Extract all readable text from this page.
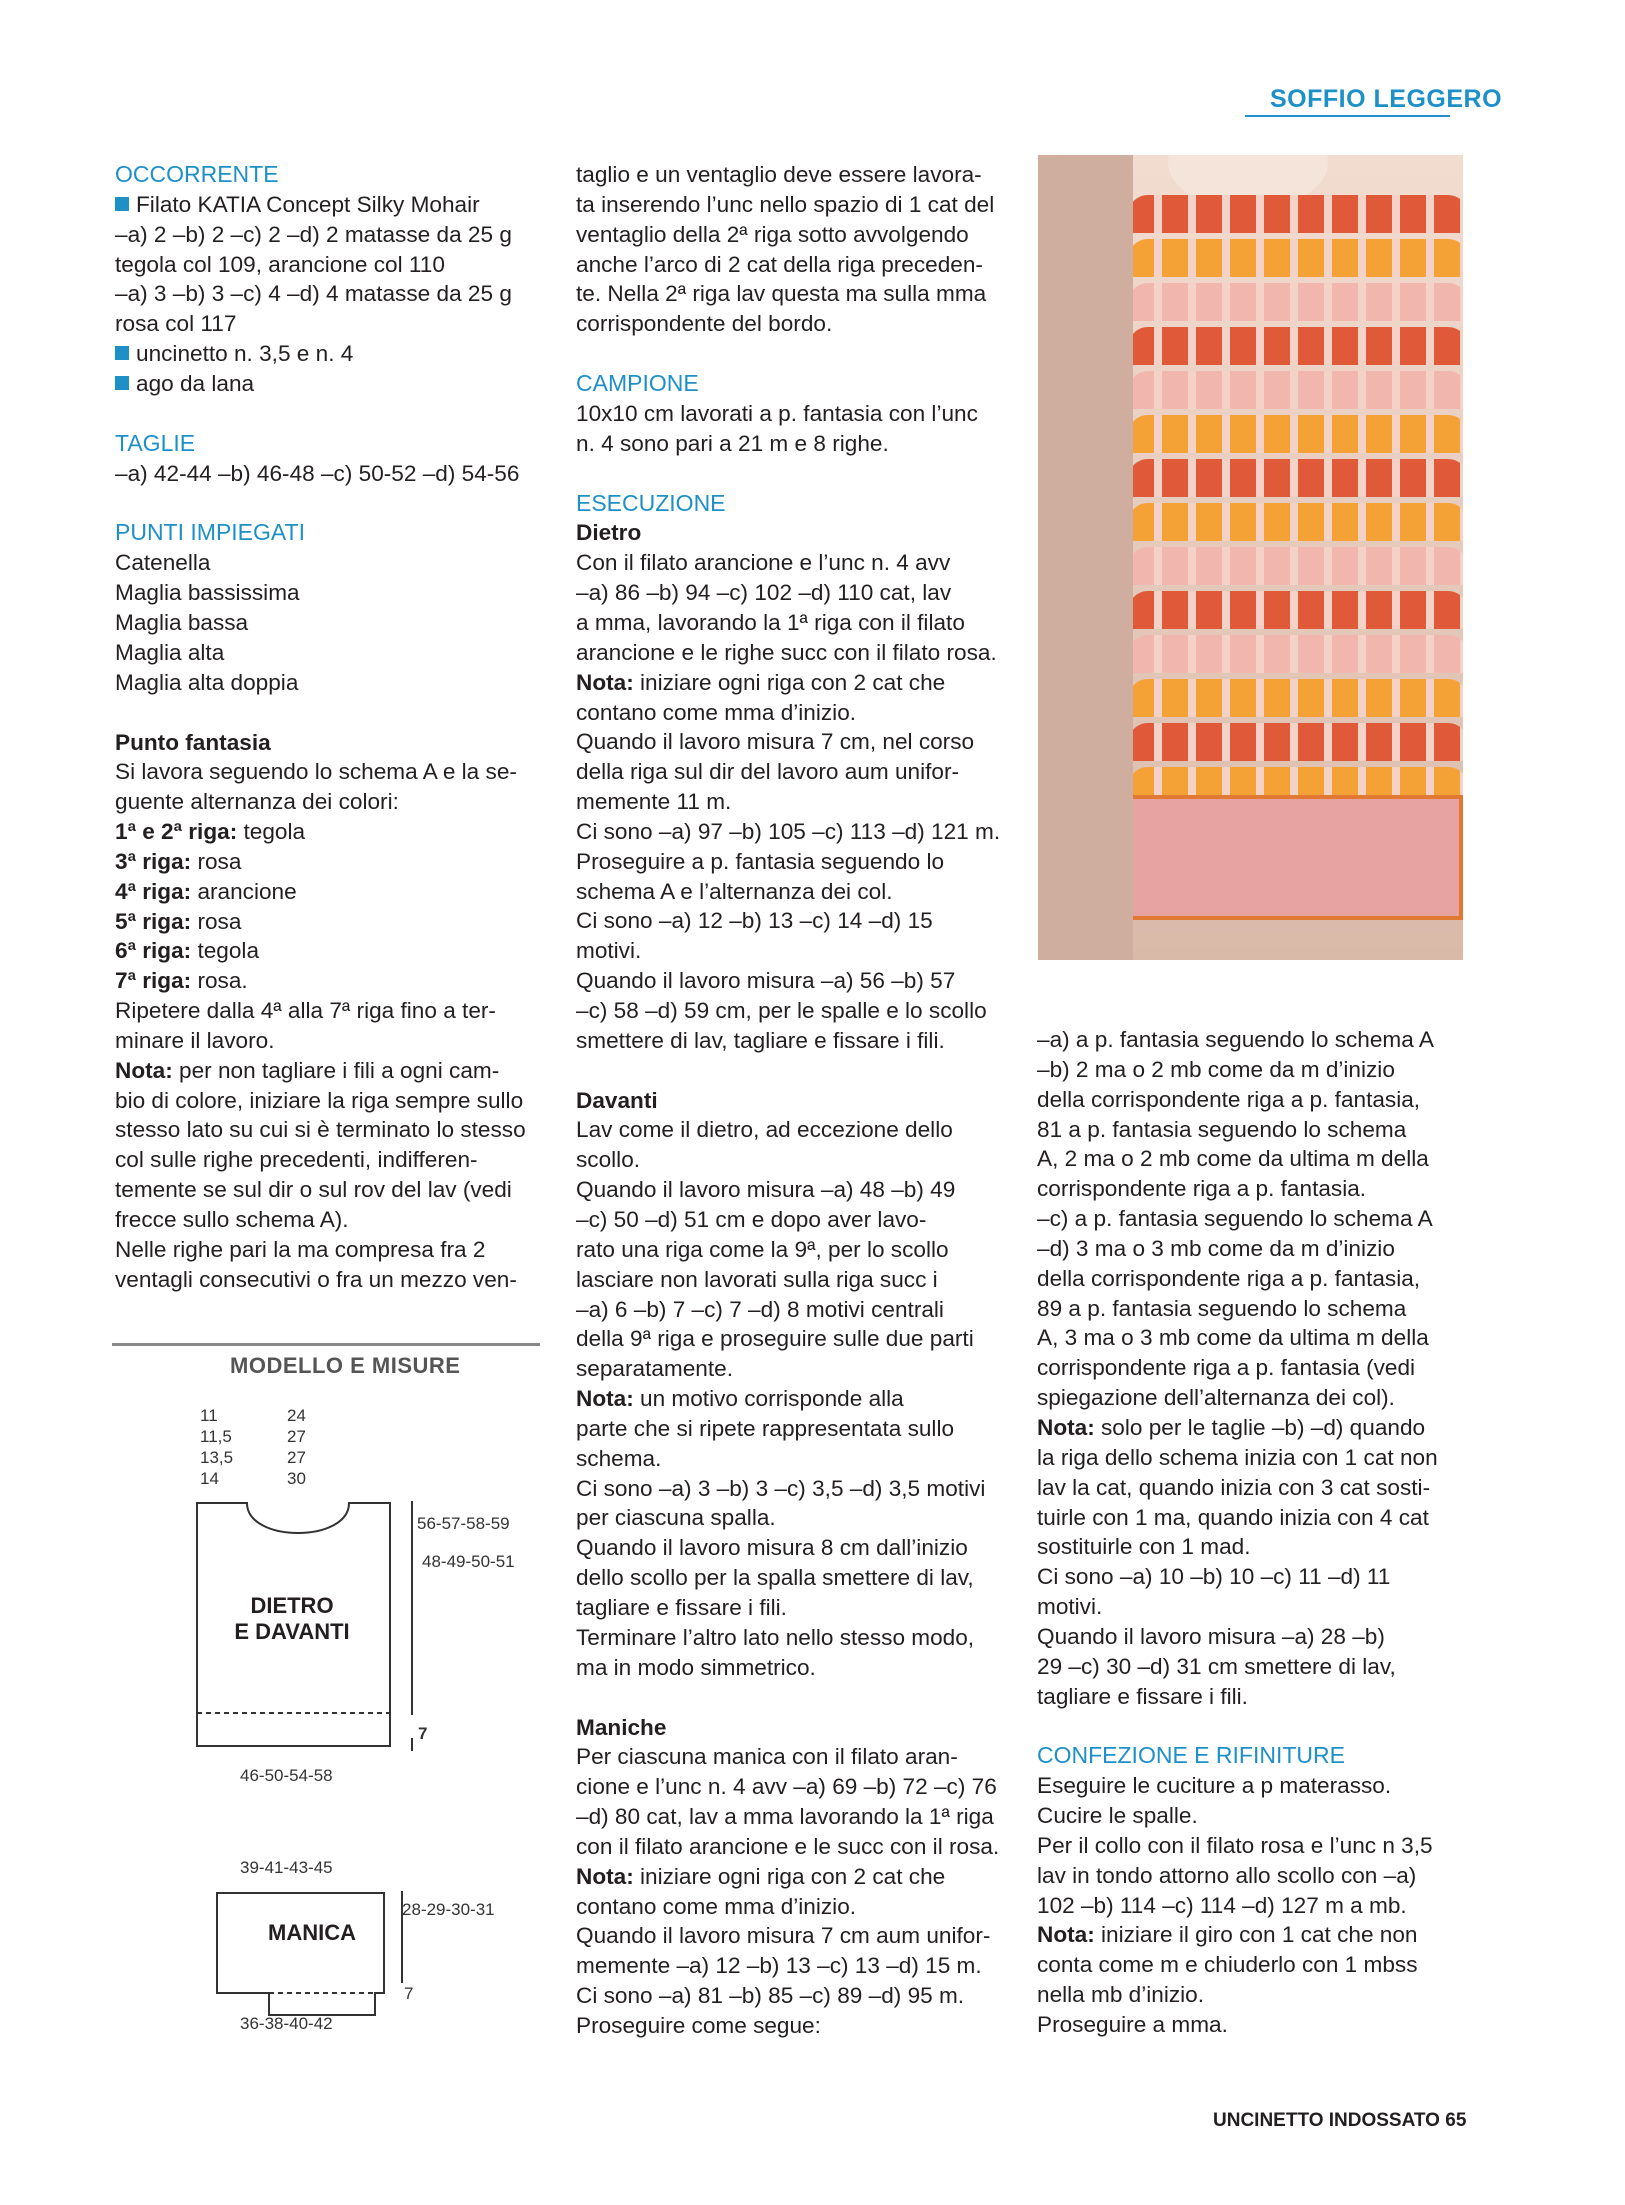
SOFFIO LEGGERO

OCCORRENTE

Filato KATIA Concept Silky Mohair

–a) 2 –b) 2 –c) 2 –d) 2 matasse da 25 g

tegola col 109, arancione col 110

–a) 3 –b) 3 –c) 4 –d) 4 matasse da 25 g

rosa col 117

uncinetto n. 3,5 e n. 4

ago da lana

TAGLIE

–a) 42-44 –b) 46-48 –c) 50-52 –d) 54-56

PUNTI IMPIEGATI

Catenella

Maglia bassissima

Maglia bassa

Maglia alta

Maglia alta doppia

Punto fantasia

Si lavora seguendo lo schema A e la se-

guente alternanza dei colori:

1ª e 2ª riga: tegola

3ª riga: rosa

4ª riga: arancione

5ª riga: rosa

6ª riga: tegola

7ª riga: rosa.

Ripetere dalla 4ª alla 7ª riga fino a ter-

minare il lavoro.

Nota: per non tagliare i fili a ogni cam-

bio di colore, iniziare la riga sempre sullo

stesso lato su cui si è terminato lo stesso

col sulle righe precedenti, indifferen-

temente se sul dir o sul rov del lav (vedi

frecce sullo schema A).

Nelle righe pari la ma compresa fra 2

ventagli consecutivi o fra un mezzo ven-

taglio e un ventaglio deve essere lavora-

ta inserendo l’unc nello spazio di 1 cat del

ventaglio della 2ª riga sotto avvolgendo

anche l’arco di 2 cat della riga preceden-

te. Nella 2ª riga lav questa ma sulla mma

corrispondente del bordo.

CAMPIONE

10x10 cm lavorati a p. fantasia con l’unc

n. 4 sono pari a 21 m e 8 righe.

ESECUZIONE

Dietro

Con il filato arancione e l’unc n. 4 avv

–a) 86 –b) 94 –c) 102 –d) 110 cat, lav

a mma, lavorando la 1ª riga con il filato

arancione e le righe succ con il filato rosa.

Nota: iniziare ogni riga con 2 cat che

contano come mma d’inizio.

Quando il lavoro misura 7 cm, nel corso

della riga sul dir del lavoro aum unifor-

memente 11 m.

Ci sono –a) 97 –b) 105 –c) 113 –d) 121 m.

Proseguire a p. fantasia seguendo lo

schema A e l’alternanza dei col.

Ci sono –a) 12 –b) 13 –c) 14 –d) 15

motivi.

Quando il lavoro misura –a) 56 –b) 57

–c) 58 –d) 59 cm, per le spalle e lo scollo

smettere di lav, tagliare e fissare i fili.

Davanti

Lav come il dietro, ad eccezione dello

scollo.

Quando il lavoro misura –a) 48 –b) 49

–c) 50 –d) 51 cm e dopo aver lavo-

rato una riga come la 9ª, per lo scollo

lasciare non lavorati sulla riga succ i

–a) 6 –b) 7 –c) 7 –d) 8 motivi centrali

della 9ª riga e proseguire sulle due parti

separatamente.

Nota: un motivo corrisponde alla

parte che si ripete rappresentata sullo

schema.

Ci sono –a) 3 –b) 3 –c) 3,5 –d) 3,5 motivi

per ciascuna spalla.

Quando il lavoro misura 8 cm dall’inizio

dello scollo per la spalla smettere di lav,

tagliare e fissare i fili.

Terminare l’altro lato nello stesso modo,

ma in modo simmetrico.

Maniche

Per ciascuna manica con il filato aran-

cione e l’unc n. 4 avv –a) 69 –b) 72 –c) 76

–d) 80 cat, lav a mma lavorando la 1ª riga

con il filato arancione e le succ con il rosa.

Nota: iniziare ogni riga con 2 cat che

contano come mma d’inizio.

Quando il lavoro misura 7 cm aum unifor-

memente –a) 12 –b) 13 –c) 13 –d) 15 m.

Ci sono –a) 81 –b) 85 –c) 89 –d) 95 m.

Proseguire come segue:

–a) a p. fantasia seguendo lo schema A

–b) 2 ma o 2 mb come da m d’inizio

della corrispondente riga a p. fantasia,

81 a p. fantasia seguendo lo schema

A, 2 ma o 2 mb come da ultima m della

corrispondente riga a p. fantasia.

–c) a p. fantasia seguendo lo schema A

–d) 3 ma o 3 mb come da m d’inizio

della corrispondente riga a p. fantasia,

89 a p. fantasia seguendo lo schema

A, 3 ma o 3 mb come da ultima m della

corrispondente riga a p. fantasia (vedi

spiegazione dell’alternanza dei col).

Nota: solo per le taglie –b) –d) quando

la riga dello schema inizia con 1 cat non

lav la cat, quando inizia con 3 cat sosti-

tuirle con 1 ma, quando inizia con 4 cat

sostituirle con 1 mad.

Ci sono –a) 10 –b) 10 –c) 11 –d) 11

motivi.

Quando il lavoro misura –a) 28 –b)

29 –c) 30 –d) 31 cm smettere di lav,

tagliare e fissare i fili.

CONFEZIONE E RIFINITURE

Eseguire le cuciture a p materasso.

Cucire le spalle.

Per il collo con il filato rosa e l’unc n 3,5

lav in tondo attorno allo scollo con –a)

102 –b) 114 –c) 114 –d) 127 m a mb.

Nota: iniziare il giro con 1 cat che non

conta come m e chiuderlo con 1 mbss

nella mb d’inizio.

Proseguire a mma.

MODELLO E MISURE
11
11,5
13,5
14
24
27
27
30
56-57-58-59
48-49-50-51
DIETRO
E DAVANTI
7
46-50-54-58
39-41-43-45
28-29-30-31
MANICA
7
36-38-40-42
UNCINETTO INDOSSATO 65
